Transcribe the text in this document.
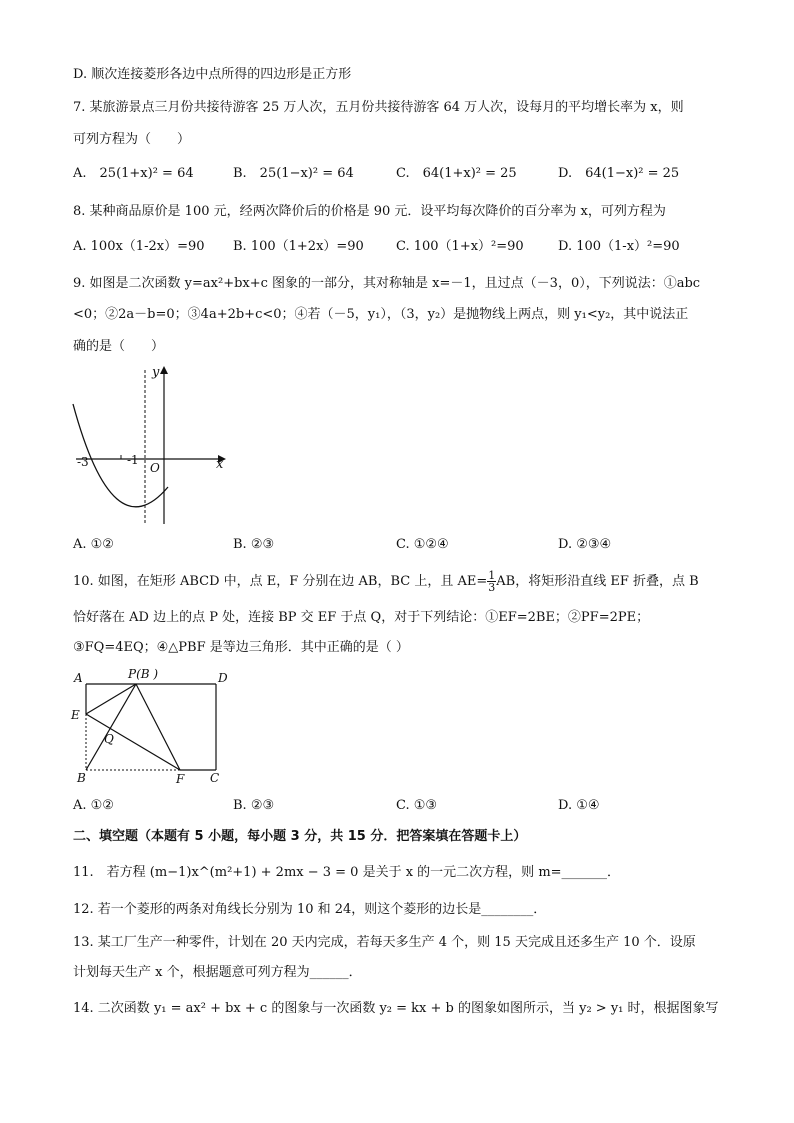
D. 顺次连接菱形各边中点所得的四边形是正方形
7. 某旅游景点三月份共接待游客 25 万人次，五月份共接待游客 64 万人次，设每月的平均增长率为 x，则
可列方程为（　　）
A.　25(1+x)² = 64	B.　25(1−x)² = 64	C.　64(1+x)² = 25	D.　64(1−x)² = 25
8. 某种商品原价是 100 元，经两次降价后的价格是 90 元．设平均每次降价的百分率为 x，可列方程为
A. 100x（1-2x）=90 B. 100（1+2x）=90 C. 100（1+x）²=90	D. 100（1-x）²=90
9. 如图是二次函数 y=ax²+bx+c 图象的一部分，其对称轴是 x=－1，且过点（－3，0），下列说法：①abc
<0；②2a－b=0；③4a+2b+c<0；④若（－5，y₁），（3，y₂）是抛物线上两点，则 y₁<y₂，其中说法正
确的是（　　）
y
x
-3	-1
O
A. ①②	B. ②③	C. ①②④	D. ②③④
10. 如图，在矩形 ABCD 中，点 E，F 分别在边 AB，BC 上，且 $AE= \frac{1}{3}$ AB，将矩形沿直线 EF 折叠，点 B
恰好落在 AD 边上的点 P 处，连接 BP 交 EF 于点 Q，对于下列结论：①EF=2BE；②PF=2PE；
③FQ=4EQ；④△PBF 是等边三角形．其中正确的是（ ）
A	P(B )	D
E
Q
B	F C
A. ①②	B. ②③	C. ①③	D. ①④
二、填空题（本题有 5 小题，每小题 3 分，共 15 分．把答案填在答题卡上）
11.　若方程 (m−1)x^(m²+1) + 2mx − 3 = 0 是关于 x 的一元二次方程，则 m=_______．
12. 若一个菱形的两条对角线长分别为 10 和 24，则这个菱形的边长是________．
13. 某工厂生产一种零件，计划在 20 天内完成，若每天多生产 4 个，则 15 天完成且还多生产 10 个．设原
计划每天生产 x 个，根据题意可列方程为______．
14. 二次函数 y₁ = ax² + bx + c 的图象与一次函数 y₂ = kx + b 的图象如图所示，当 y₂ > y₁ 时，根据图象写
